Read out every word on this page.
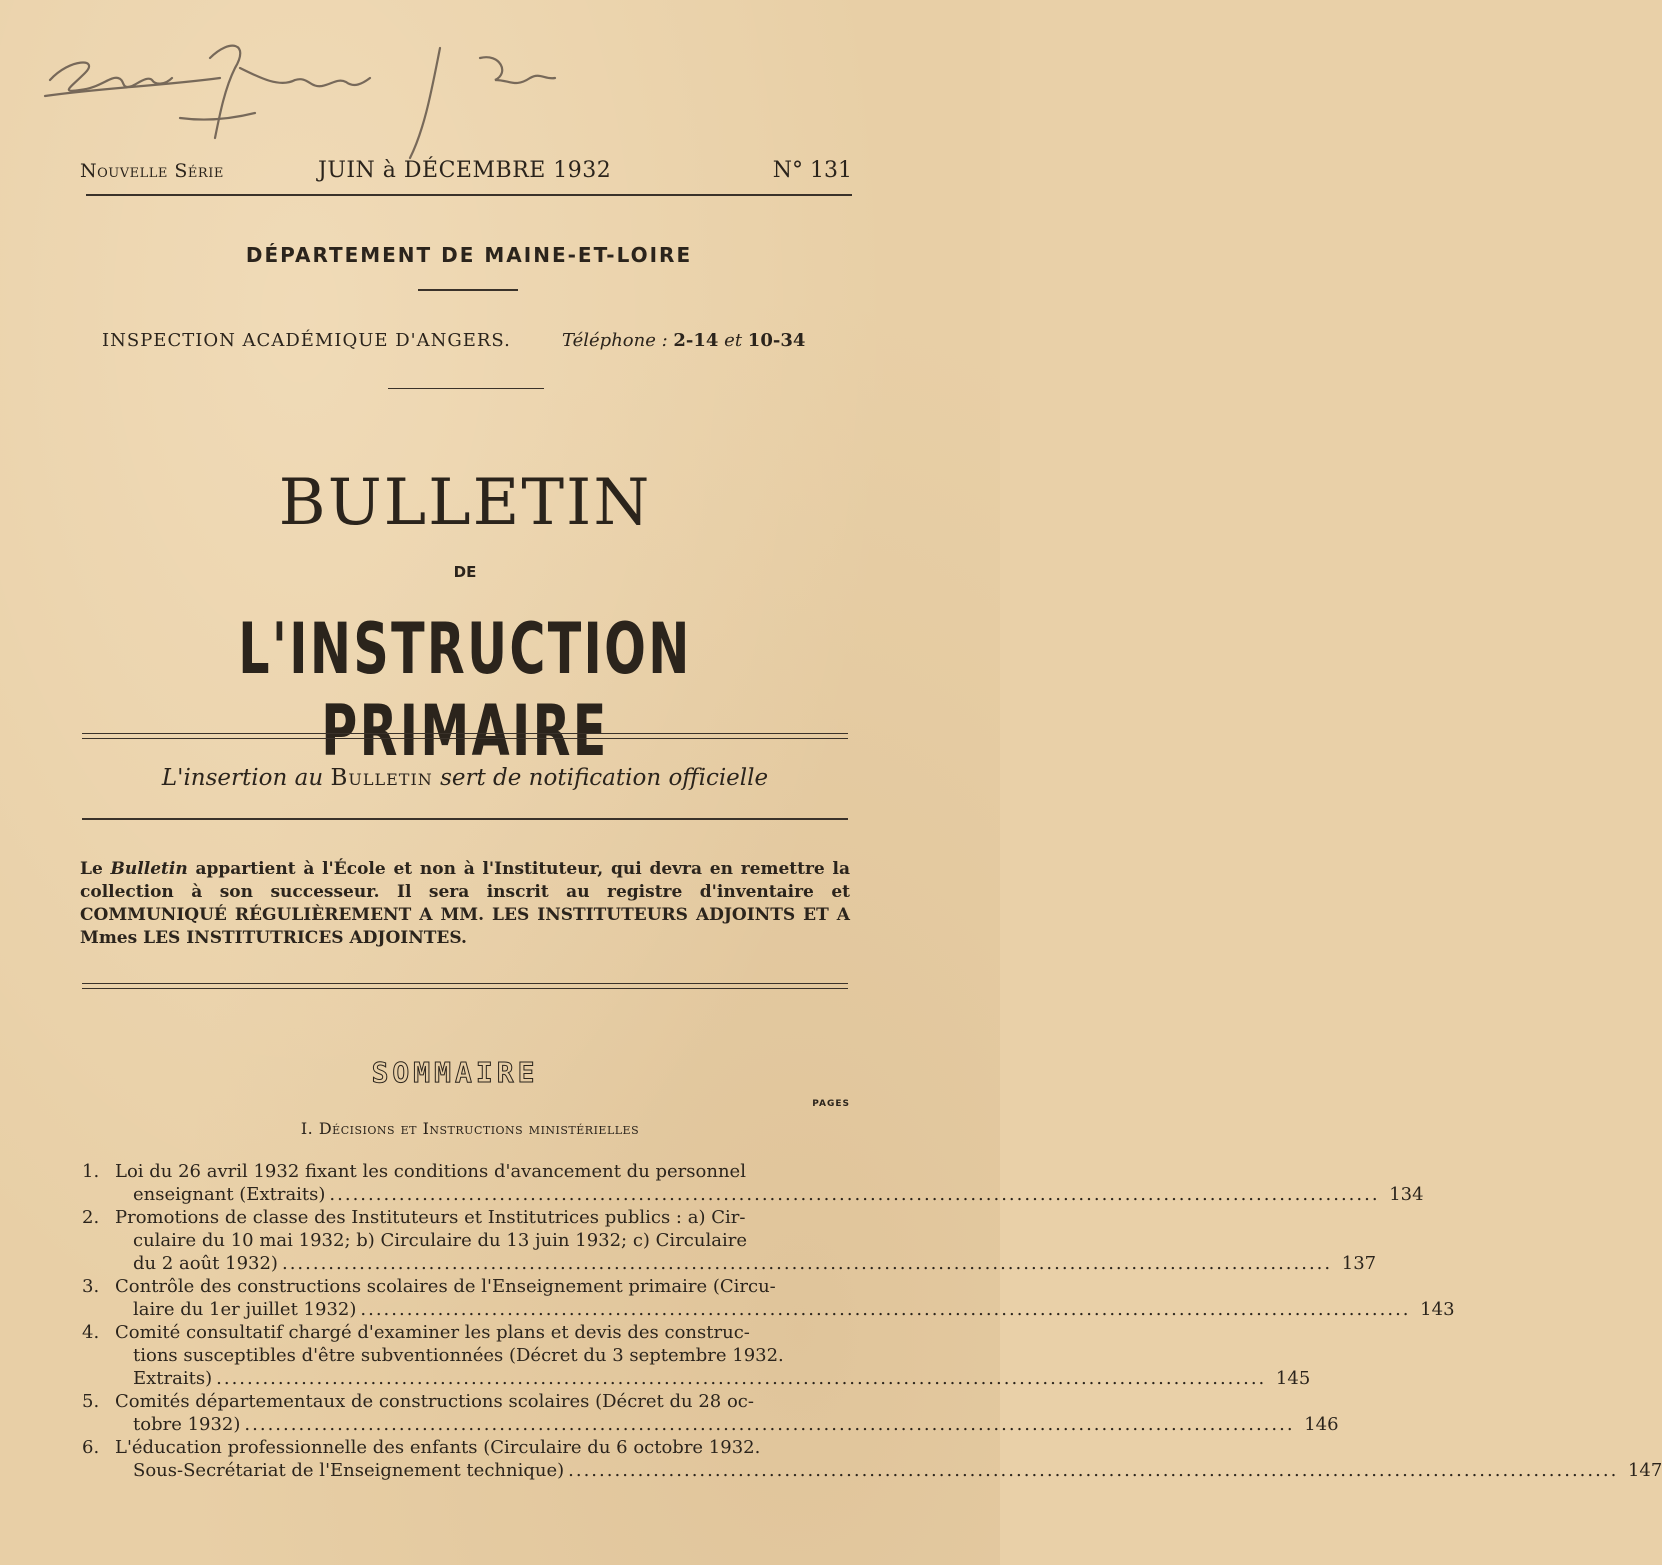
Nouvelle Série	JUIN à DÉCEMBRE 1932	N° 131
DÉPARTEMENT DE MAINE-ET-LOIRE
INSPECTION ACADÉMIQUE D'ANGERS.	Téléphone : 2-14 et 10-34
BULLETIN
DE
L'INSTRUCTION PRIMAIRE
L'insertion au Bulletin sert de notification officielle
Le Bulletin appartient à l'École et non à l'Instituteur, qui devra en remettre la collection à son successeur. Il sera inscrit au registre d'inventaire et COMMUNIQUÉ RÉGULIÈREMENT A MM. LES INSTITUTEURS ADJOINTS ET A Mmes LES INSTITUTRICES ADJOINTES.
SOMMAIRE
PAGES
I. Décisions et Instructions ministérielles
1. Loi du 26 avril 1932 fixant les conditions d'avancement du personnel
enseignant (Extraits) .....	134
2. Promotions de classe des Instituteurs et Institutrices publics : a) Cir-
culaire du 10 mai 1932; b) Circulaire du 13 juin 1932; c) Circulaire
du 2 août 1932) .....	137
3. Contrôle des constructions scolaires de l'Enseignement primaire (Circu-
laire du 1er juillet 1932) .....	143
4. Comité consultatif chargé d'examiner les plans et devis des construc-
tions susceptibles d'être subventionnées (Décret du 3 septembre 1932.
Extraits) .....	145
5. Comités départementaux de constructions scolaires (Décret du 28 oc-
tobre 1932) .....	146
6. L'éducation professionnelle des enfants (Circulaire du 6 octobre 1932.
Sous-Secrétariat de l'Enseignement technique) .....	147
